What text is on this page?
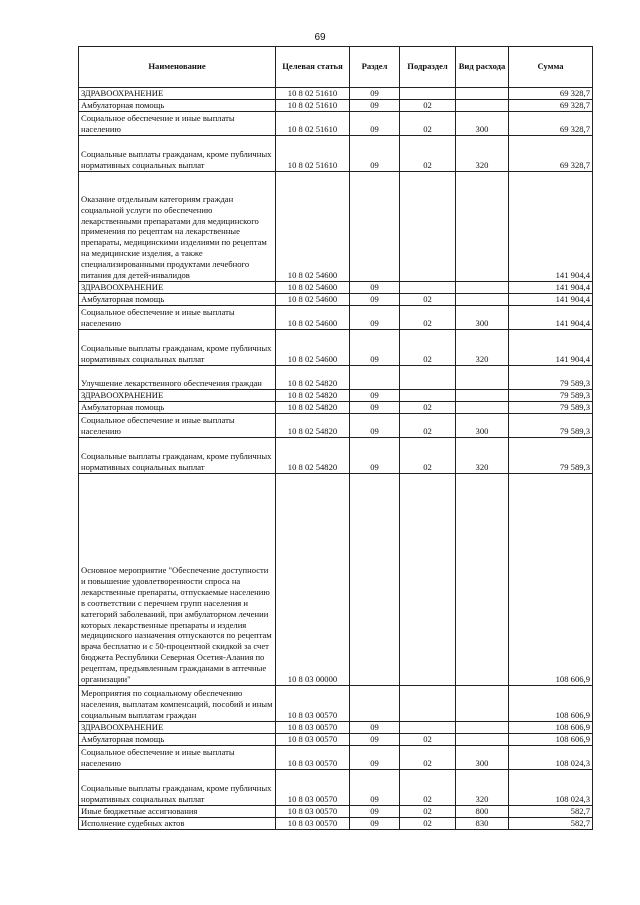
69
Наименование	Целевая статья	Раздел	Подраздел	Вид расхода	Сумма
ЗДРАВООХРАНЕНИЕ	10 8 02 51610	09			69 328,7
Амбулаторная помощь	10 8 02 51610	09	02		69 328,7
Социальное обеспечение и иные выплаты населению	10 8 02 51610	09	02	300	69 328,7
Социальные выплаты гражданам, кроме публичных нормативных социальных выплат	10 8 02 51610	09	02	320	69 328,7
Оказание отдельным категориям граждан социальной услуги по обеспечению лекарственными препаратами для медицинского применения по рецептам на лекарственные препараты, медицинскими изделиями по рецептам на медицинские изделия, а также специализированными продуктами лечебного питания для детей-инвалидов	10 8 02 54600				141 904,4
ЗДРАВООХРАНЕНИЕ	10 8 02 54600	09			141 904,4
Амбулаторная помощь	10 8 02 54600	09	02		141 904,4
Социальное обеспечение и иные выплаты населению	10 8 02 54600	09	02	300	141 904,4
Социальные выплаты гражданам, кроме публичных нормативных социальных выплат	10 8 02 54600	09	02	320	141 904,4
Улучшение лекарственного обеспечения граждан	10 8 02 54820				79 589,3
ЗДРАВООХРАНЕНИЕ	10 8 02 54820	09			79 589,3
Амбулаторная помощь	10 8 02 54820	09	02		79 589,3
Социальное обеспечение и иные выплаты населению	10 8 02 54820	09	02	300	79 589,3
Социальные выплаты гражданам, кроме публичных нормативных социальных выплат	10 8 02 54820	09	02	320	79 589,3
Основное мероприятие "Обеспечение доступности и повышение удовлетворенности спроса на лекарственные препараты, отпускаемые населению в соответствии с перечнем групп населения и категорий заболеваний, при амбулаторном лечении которых лекарственные препараты и изделия медицинского назначения отпускаются по рецептам врача бесплатно и с 50-процентной скидкой за счет бюджета Республики Северная Осетия-Алания по рецептам, предъявленным гражданами в аптечные организации"	10 8 03 00000				108 606,9
Мероприятия по социальному обеспечению населения, выплатам компенсаций, пособий и иным социальным выплатам граждан	10 8 03 00570				108 606,9
ЗДРАВООХРАНЕНИЕ	10 8 03 00570	09			108 606,9
Амбулаторная помощь	10 8 03 00570	09	02		108 606,9
Социальное обеспечение и иные выплаты населению	10 8 03 00570	09	02	300	108 024,3
Социальные выплаты гражданам, кроме публичных нормативных социальных выплат	10 8 03 00570	09	02	320	108 024,3
Иные бюджетные ассигнования	10 8 03 00570	09	02	800	582,7
Исполнение судебных актов	10 8 03 00570	09	02	830	582,7
